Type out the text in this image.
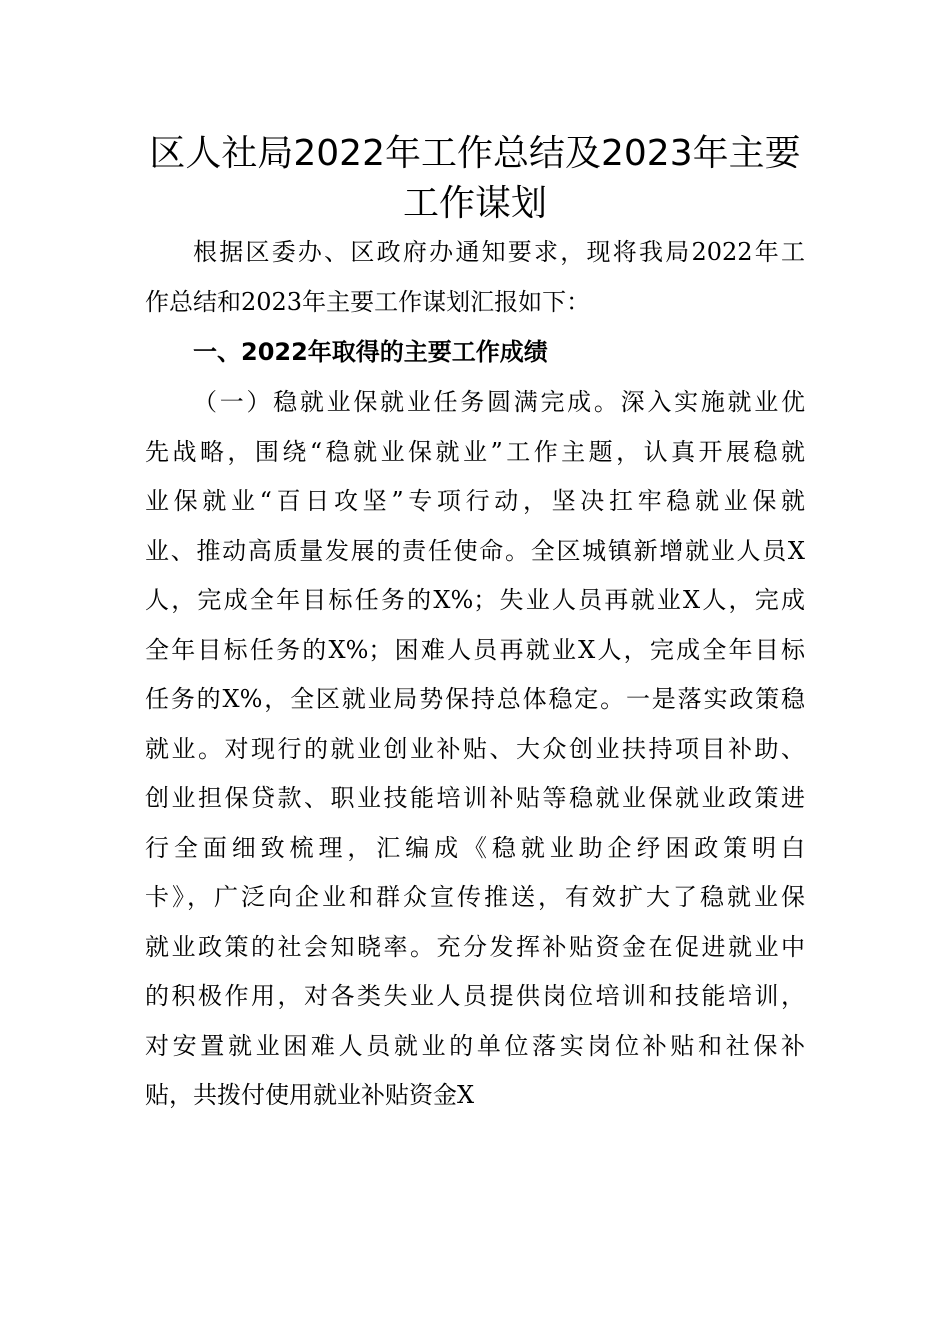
区人社局2022年工作总结及2023年主要
工作谋划
根据区委办、区政府办通知要求，现将我局2022年工
作总结和2023年主要工作谋划汇报如下：
一、2022年取得的主要工作成绩
（一）稳就业保就业任务圆满完成。深入实施就业优
先战略，围绕“稳就业保就业”工作主题，认真开展稳就
业保就业“百日攻坚”专项行动，坚决扛牢稳就业保就
业、推动高质量发展的责任使命。全区城镇新增就业人员X
人，完成全年目标任务的X%；失业人员再就业X人，完成
全年目标任务的X%；困难人员再就业X人，完成全年目标
任务的X%，全区就业局势保持总体稳定。一是落实政策稳
就业。对现行的就业创业补贴、大众创业扶持项目补助、
创业担保贷款、职业技能培训补贴等稳就业保就业政策进
行全面细致梳理，汇编成《稳就业助企纾困政策明白
卡》，广泛向企业和群众宣传推送，有效扩大了稳就业保
就业政策的社会知晓率。充分发挥补贴资金在促进就业中
的积极作用，对各类失业人员提供岗位培训和技能培训，
对安置就业困难人员就业的单位落实岗位补贴和社保补
贴，共拨付使用就业补贴资金X
